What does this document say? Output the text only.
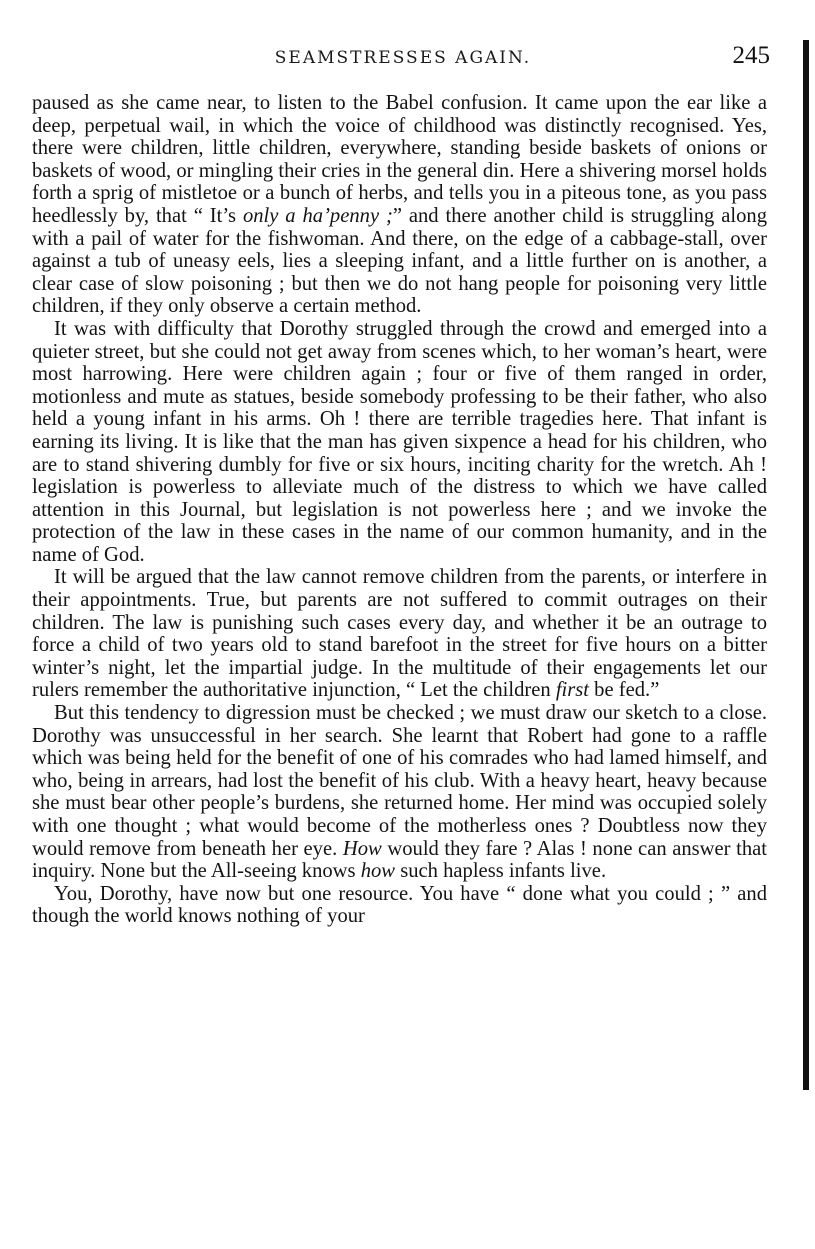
SEAMSTRESSES AGAIN.	245

paused as she came near, to listen to the Babel confusion. It came upon the ear like a deep, perpetual wail, in which the voice of childhood was distinctly recognised. Yes, there were children, little children, everywhere, standing beside baskets of onions or baskets of wood, or mingling their cries in the general din. Here a shivering morsel holds forth a sprig of mistletoe or a bunch of herbs, and tells you in a piteous tone, as you pass heedlessly by, that “ It’s only a ha’penny ;” and there another child is struggling along with a pail of water for the fishwoman. And there, on the edge of a cabbage-stall, over against a tub of uneasy eels, lies a sleeping infant, and a little further on is another, a clear case of slow poisoning ; but then we do not hang people for poisoning very little children, if they only observe a certain method.

It was with difficulty that Dorothy struggled through the crowd and emerged into a quieter street, but she could not get away from scenes which, to her woman’s heart, were most harrowing. Here were children again ; four or five of them ranged in order, motionless and mute as statues, beside somebody professing to be their father, who also held a young infant in his arms. Oh ! there are terrible tragedies here. That infant is earning its living. It is like that the man has given sixpence a head for his children, who are to stand shivering dumbly for five or six hours, inciting charity for the wretch. Ah ! legislation is powerless to alleviate much of the distress to which we have called attention in this Journal, but legislation is not powerless here ; and we invoke the protection of the law in these cases in the name of our common humanity, and in the name of God.

It will be argued that the law cannot remove children from the parents, or interfere in their appointments. True, but parents are not suffered to commit outrages on their children. The law is punishing such cases every day, and whether it be an outrage to force a child of two years old to stand barefoot in the street for five hours on a bitter winter’s night, let the impartial judge. In the multitude of their engagements let our rulers remember the authoritative injunction, “ Let the children first be fed.”

But this tendency to digression must be checked ; we must draw our sketch to a close. Dorothy was unsuccessful in her search. She learnt that Robert had gone to a raffle which was being held for the benefit of one of his comrades who had lamed himself, and who, being in arrears, had lost the benefit of his club. With a heavy heart, heavy because she must bear other people’s burdens, she returned home. Her mind was occupied solely with one thought ; what would become of the motherless ones ? Doubtless now they would remove from beneath her eye. How would they fare ? Alas ! none can answer that inquiry. None but the All-seeing knows how such hapless infants live.

You, Dorothy, have now but one resource. You have “ done what you could ; ” and though the world knows nothing of your
